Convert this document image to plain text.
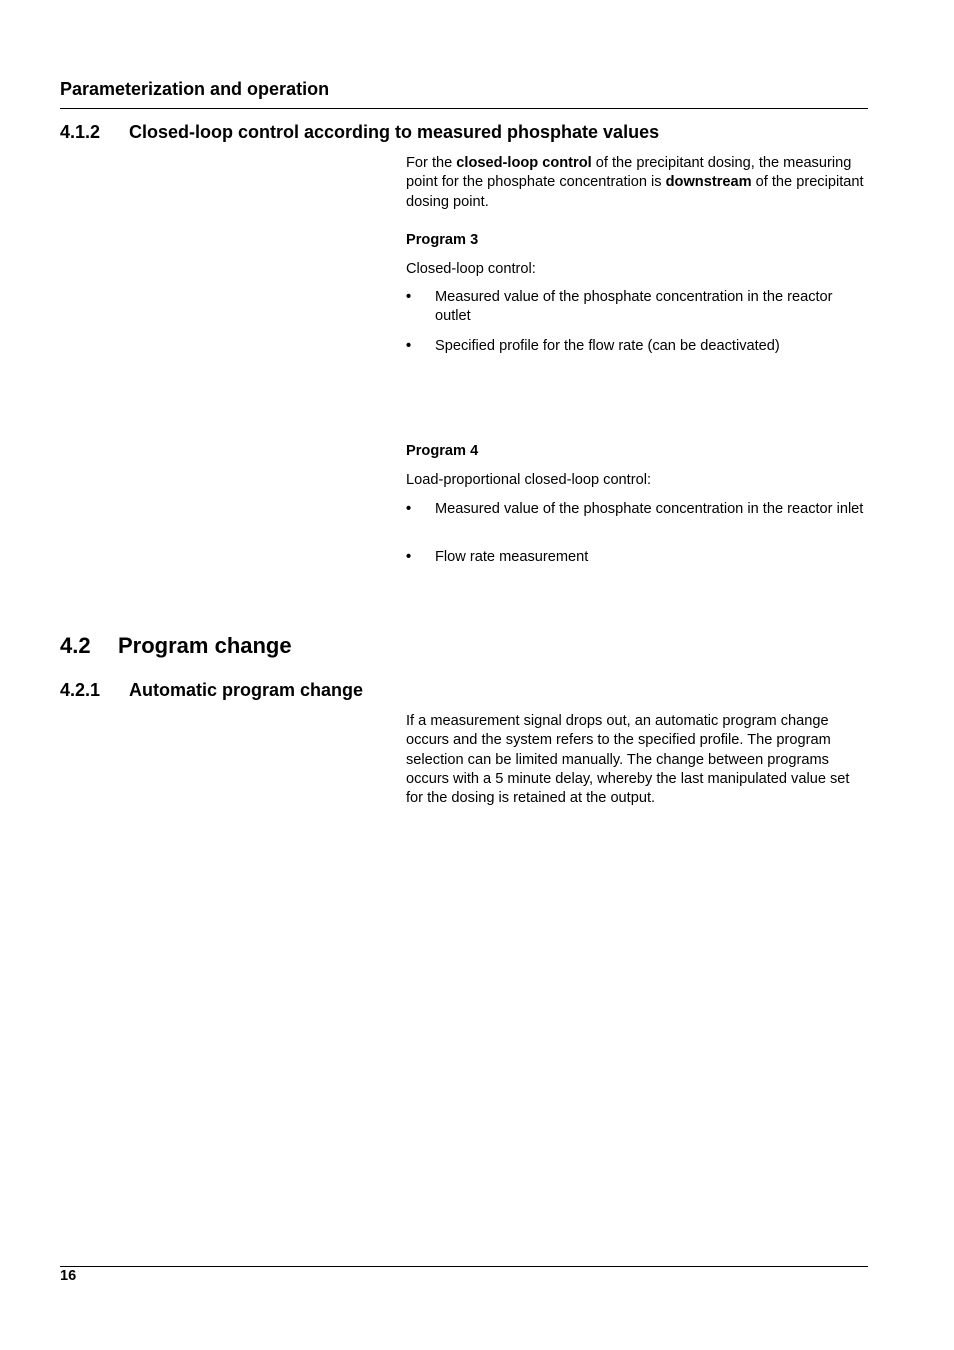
Parameterization and operation
4.1.2 Closed-loop control according to measured phosphate values

For the closed-loop control of the precipitant dosing, the measuring point for the phosphate concentration is downstream of the precipitant dosing point.

Program 3
Closed-loop control:
• Measured value of the phosphate concentration in the reactor outlet
• Specified profile for the flow rate (can be deactivated)
Program 4
Load-proportional closed-loop control:
• Measured value of the phosphate concentration in the reactor inlet
• Flow rate measurement
4.2 Program change
4.2.1 Automatic program change
If a measurement signal drops out, an automatic program change occurs and the system refers to the specified profile. The program selection can be limited manually. The change between programs occurs with a 5 minute delay, whereby the last manipulated value set for the dosing is retained at the output.
16
